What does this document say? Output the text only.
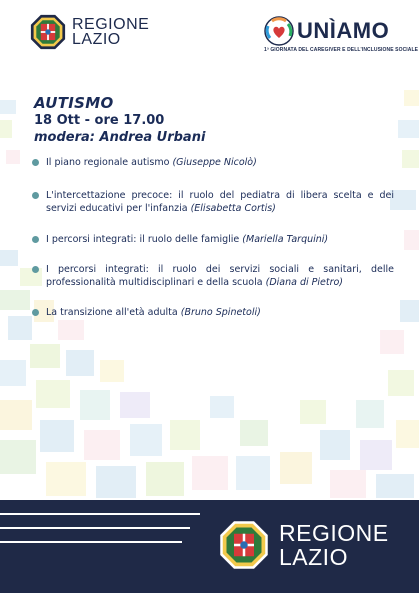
REGIONE
LAZIO	UNÌAMO
1ª GIORNATA DEL CAREGIVER E DELL'INCLUSIONE SOCIALE
AUTISMO
18 Ott - ore 17.00
modera: Andrea Urbani
Il piano regionale autismo (Giuseppe Nicolò)
L'intercettazione precoce: il ruolo del pediatra di libera scelta e dei servizi educativi per l'infanzia (Elisabetta Cortis)
I percorsi integrati: il ruolo delle famiglie (Mariella Tarquini)
I percorsi integrati: il ruolo dei servizi sociali e sanitari, delle professionalità multidisciplinari e della scuola (Diana di Pietro)
La transizione all'età adulta (Bruno Spinetoli)
REGIONE
LAZIO
